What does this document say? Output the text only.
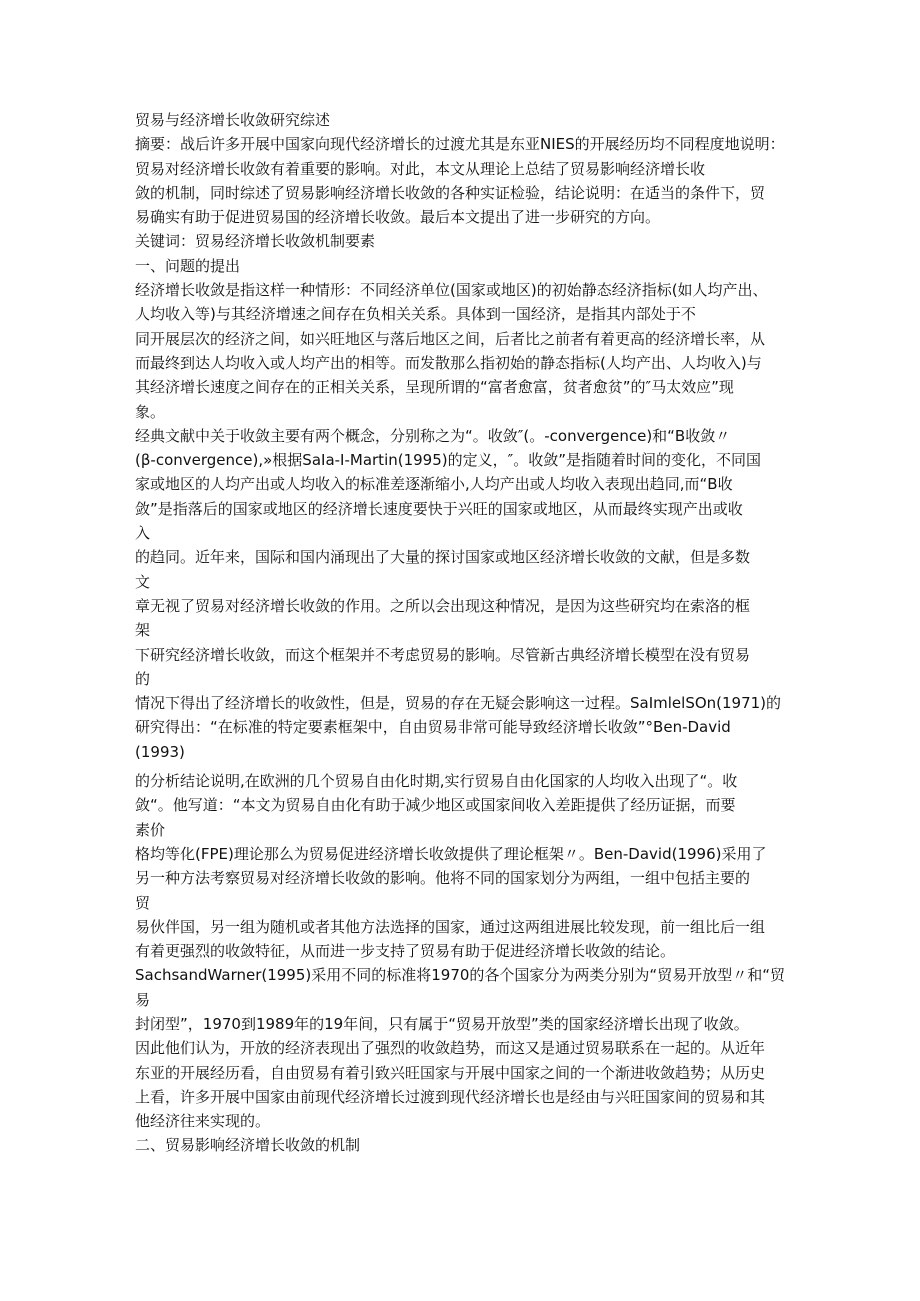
贸易与经济增长收敛研究综述
摘要：战后许多开展中国家向现代经济增长的过渡尤其是东亚NIES的开展经历均不同程度地说明：
贸易对经济增长收敛有着重要的影响。对此，本文从理论上总结了贸易影响经济增长收
敛的机制，同时综述了贸易影响经济增长收敛的各种实证检验，结论说明：在适当的条件下，贸
易确实有助于促进贸易国的经济增长收敛。最后本文提出了进一步研究的方向。
关键词：贸易经济增长收敛机制要素
一、问题的提出
经济增长收敛是指这样一种情形：不同经济单位(国家或地区)的初始静态经济指标(如人均产出、
人均收入等)与其经济增速之间存在负相关关系。具体到一国经济，是指其内部处于不
同开展层次的经济之间，如兴旺地区与落后地区之间，后者比之前者有着更高的经济增长率，从
而最终到达人均收入或人均产出的相等。而发散那么指初始的静态指标(人均产出、人均收入)与
其经济增长速度之间存在的正相关关系，呈现所谓的“富者愈富，贫者愈贫”的″马太效应”现
象。
经典文献中关于收敛主要有两个概念，分别称之为“。收敛″(。-convergence)和“B收敛〃
(β-convergence),»根据SaIa-I-Martin(1995)的定义，″。收敛”是指随着时间的变化，不同国
家或地区的人均产出或人均收入的标准差逐渐缩小,人均产出或人均收入表现出趋同,而“B收
敛”是指落后的国家或地区的经济增长速度要快于兴旺的国家或地区，从而最终实现产出或收
入
的趋同。近年来，国际和国内涌现出了大量的探讨国家或地区经济增长收敛的文献，但是多数
文
章无视了贸易对经济增长收敛的作用。之所以会出现这种情况，是因为这些研究均在索洛的框
架
下研究经济增长收敛，而这个框架并不考虑贸易的影响。尽管新古典经济增长模型在没有贸易
的
情况下得出了经济增长的收敛性，但是，贸易的存在无疑会影响这一过程。SaImlelSOn(1971)的
研究得出：“在标准的特定要素框架中，自由贸易非常可能导致经济增长收敛”°Ben-David
(1993)
的分析结论说明,在欧洲的几个贸易自由化时期,实行贸易自由化国家的人均收入出现了“。收
敛“。他写道：“本文为贸易自由化有助于减少地区或国家间收入差距提供了经历证据，而要
素价
格均等化(FPE)理论那么为贸易促进经济增长收敛提供了理论框架〃。Ben-David(1996)采用了
另一种方法考察贸易对经济增长收敛的影响。他将不同的国家划分为两组，一组中包括主要的
贸
易伙伴国，另一组为随机或者其他方法选择的国家，通过这两组进展比较发现，前一组比后一组
有着更强烈的收敛特征，从而进一步支持了贸易有助于促进经济增长收敛的结论。
SachsandWarner(1995)采用不同的标准将1970的各个国家分为两类分别为“贸易开放型〃和“贸
易
封闭型”，1970到1989年的19年间，只有属于“贸易开放型”类的国家经济增长出现了收敛。
因此他们认为，开放的经济表现出了强烈的收敛趋势，而这又是通过贸易联系在一起的。从近年
东亚的开展经历看，自由贸易有着引致兴旺国家与开展中国家之间的一个渐进收敛趋势；从历史
上看，许多开展中国家由前现代经济增长过渡到现代经济增长也是经由与兴旺国家间的贸易和其
他经济往来实现的。
二、贸易影响经济增长收敛的机制
